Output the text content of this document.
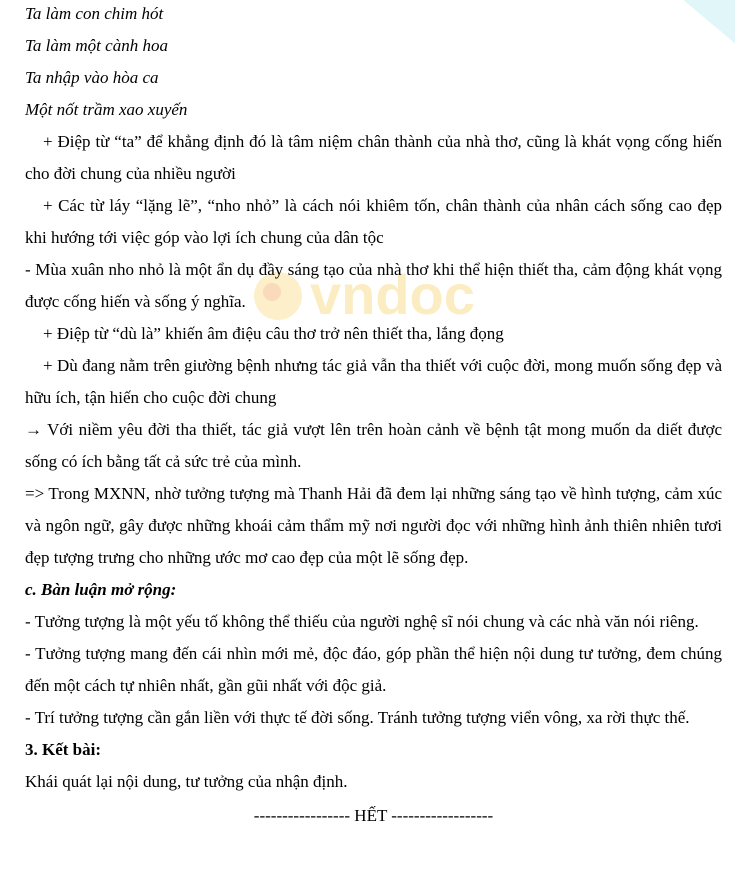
vndoc

Ta làm con chim hót

Ta làm một cành hoa

Ta nhập vào hòa ca

Một nốt trầm xao xuyến

+ Điệp từ “ta” để khẳng định đó là tâm niệm chân thành của nhà thơ, cũng là khát vọng cống hiến cho đời chung của nhiều người

+ Các từ láy “lặng lẽ”, “nho nhỏ” là cách nói khiêm tốn, chân thành của nhân cách sống cao đẹp khi hướng tới việc góp vào lợi ích chung của dân tộc

- Mùa xuân nho nhỏ là một ẩn dụ đầy sáng tạo của nhà thơ khi thể hiện thiết tha, cảm động khát vọng được cống hiến và sống ý nghĩa.

+ Điệp từ “dù là” khiến âm điệu câu thơ trở nên thiết tha, lắng đọng

+ Dù đang nằm trên giường bệnh nhưng tác giả vẫn tha thiết với cuộc đời, mong muốn sống đẹp và hữu ích, tận hiến cho cuộc đời chung

→ Với niềm yêu đời tha thiết, tác giả vượt lên trên hoàn cảnh về bệnh tật mong muốn da diết được sống có ích bằng tất cả sức trẻ của mình.

=> Trong MXNN, nhờ tưởng tượng mà Thanh Hải đã đem lại những sáng tạo về hình tượng, cảm xúc và ngôn ngữ, gây được những khoái cảm thẩm mỹ nơi người đọc với những hình ảnh thiên nhiên tươi đẹp tượng trưng cho những ước mơ cao đẹp của một lẽ sống đẹp.

c. Bàn luận mở rộng:

- Tưởng tượng là một yếu tố không thể thiếu của người nghệ sĩ nói chung và các nhà văn nói riêng.

- Tưởng tượng mang đến cái nhìn mới mẻ, độc đáo, góp phần thể hiện nội dung tư tưởng, đem chúng đến một cách tự nhiên nhất, gần gũi nhất với độc giả.

- Trí tưởng tượng cần gắn liền với thực tế đời sống. Tránh tưởng tượng viển vông, xa rời thực thế.

3. Kết bài:

Khái quát lại nội dung, tư tưởng của nhận định.

----------------- HẾT ------------------
